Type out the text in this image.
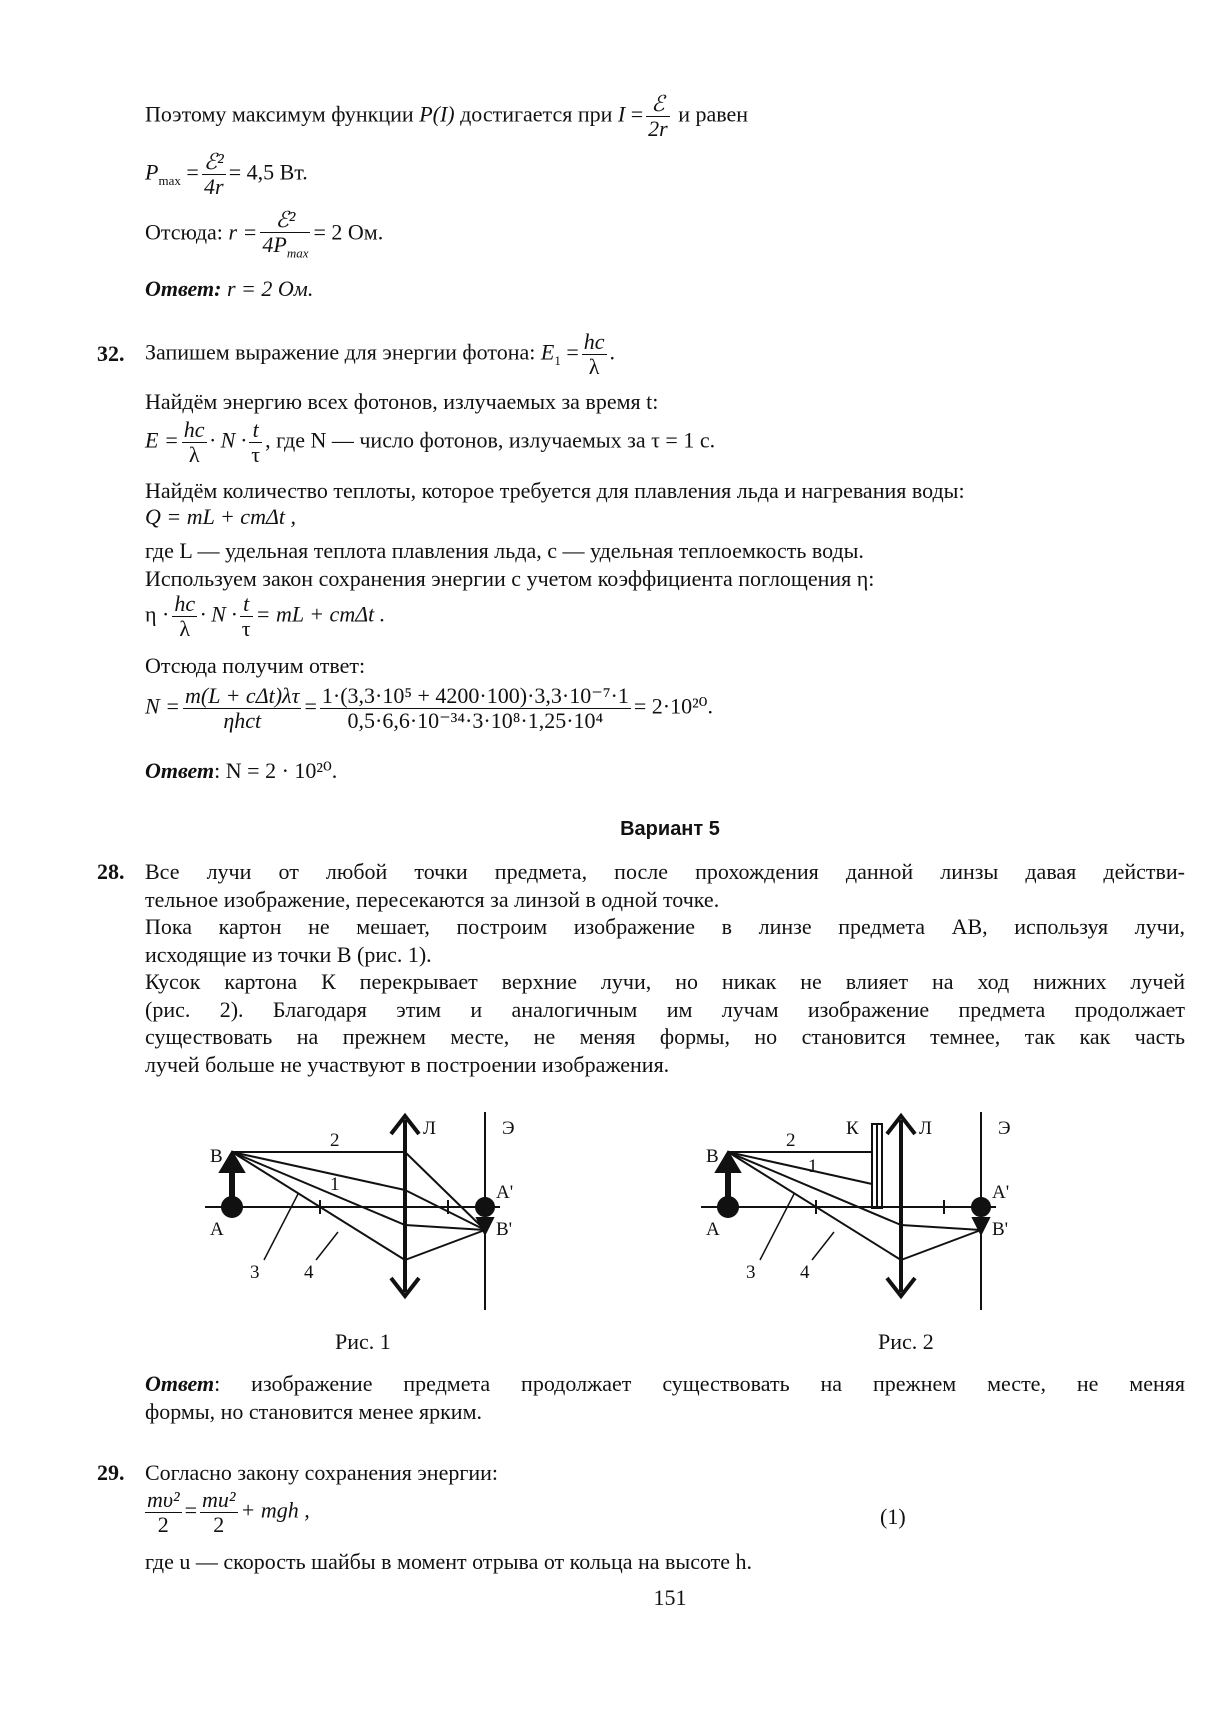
Поэтому максимум функции P(I) достигается при $I = \frac{\text{ℰ}}{2r}$ и равен
$P_{max} = \frac{\text{ℰ²}}{4r} = 4,5$ Вт.
Отсюда: $r = \frac{\text{ℰ²}}{4P_{max}} = 2$ Ом.
Ответ: r = 2 Ом.
32. Запишем выражение для энергии фотона: $E_1 = \frac{hc}{\lambda}$ .
Найдём энергию всех фотонов, излучаемых за время t:
$E = \frac{hc}{\lambda} \cdot N \cdot \frac{t}{\tau}$ , где N — число фотонов, излучаемых за τ = 1 с.
Найдём количество теплоты, которое требуется для плавления льда и нагревания воды:
Q = mL + cmΔt ,
где L — удельная теплота плавления льда, c — удельная теплоемкость воды.
Используем закон сохранения энергии с учетом коэффициента поглощения η:
$\eta \cdot \frac{hc}{\lambda} \cdot N \cdot \frac{t}{\tau}$ = mL + cmΔt .
Отсюда получим ответ:
$N = \frac{\text{m(L + cΔt)λτ}}{\text{ηhct}} = \frac{\text{1·(3,3·10⁵ + 4200·100)·3,3·10⁻⁷·1}}{\text{0,5·6,6·10⁻³⁴·3·10⁸·1,25·10⁴}} = 2\cdot 10^{20}$.
Ответ: N = 2 · 10²⁰.
Вариант 5
28. Все лучи от любой точки предмета, после прохождения данной линзы давая действи-
тельное изображение, пересекаются за линзой в одной точке.
Пока картон не мешает, построим изображение в линзе предмета АВ, используя лучи,
исходящие из точки В (рис. 1).
Кусок картона К перекрывает верхние лучи, но никак не влияет на ход нижних лучей
(рис. 2). Благодаря этим и аналогичным им лучам изображение предмета продолжает
существовать на прежнем месте, не меняя формы, но становится темнее, так как часть
лучей больше не участвуют в построении изображения.
В
А
Л	Э
А'
В'
2
1
3 4
В
А
К	Л	Э
А'
В'
2
1
3 4
Рис. 1	Рис. 2
Ответ: изображение предмета продолжает существовать на прежнем месте, не меняя
формы, но становится менее ярким.
29. Согласно закону сохранения энергии:
$\frac{\text{mυ²}}{2} = \frac{\text{mu²}}{2}$ + mgh ,	(1)
где u — скорость шайбы в момент отрыва от кольца на высоте h.
151
